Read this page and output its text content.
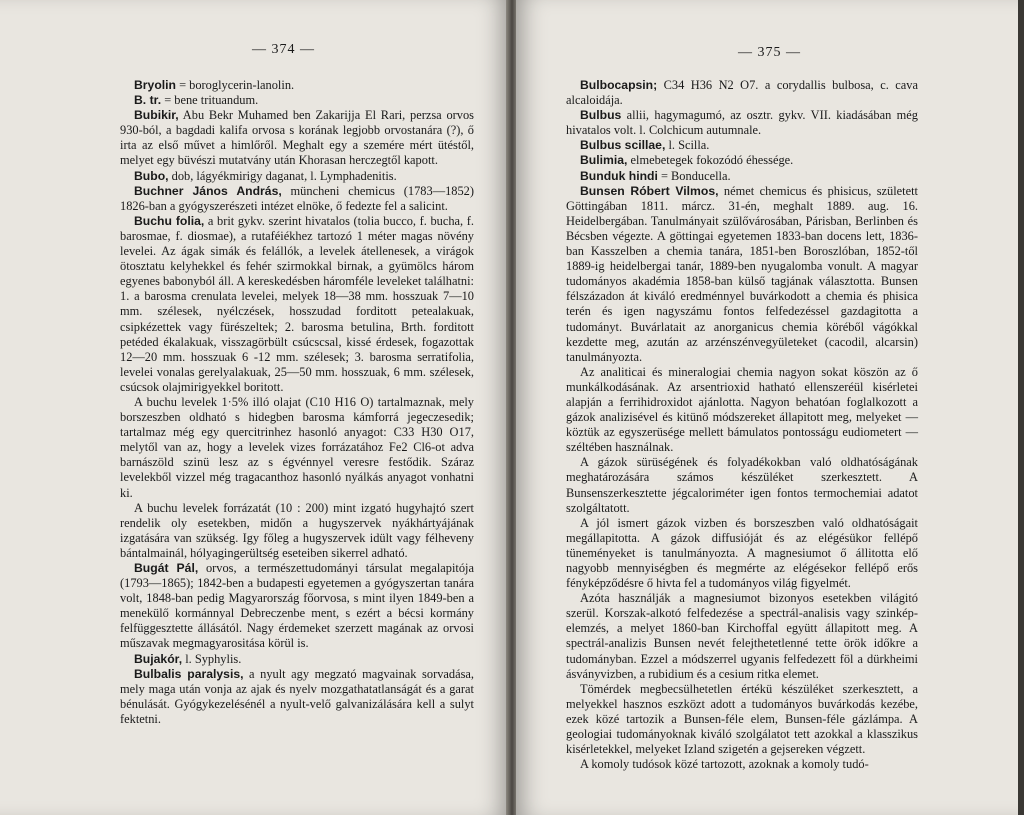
— 374 —

Bryolin = boroglycerin-lanolin.

B. tr. = bene trituandum.

Bubikir, Abu Bekr Muhamed ben Zakarijja El Rari, perzsa orvos 930-ból, a bagdadi kalifa orvosa s korának legjobb orvostanára (?), ő irta az első művet a himlőről. Meghalt egy a szemére mért ütéstől, melyet egy büvészi mutatvány után Khorasan herczegtől kapott.

Bubo, dob, lágyékmirigy daganat, l. Lymphadenitis.

Buchner János András, müncheni chemicus (1783—1852) 1826-ban a gyógyszerészeti intézet elnöke, ő fedezte fel a salicint.

Buchu folia, a brit gykv. szerint hivatalos (tolia bucco, f. bucha, f. barosmae, f. diosmae), a rutaféiékhez tartozó 1 méter magas növény levelei. Az ágak simák és felállók, a levelek átellenesek, a virágok ötosztatu kelyhekkel és fehér szirmokkal birnak, a gyümölcs három egyenes babonyból áll. A kereskedésben háromféle leveleket találhatni: 1. a barosma crenulata levelei, melyek 18—38 mm. hosszuak 7—10 mm. szélesek, nyélczések, hosszudad forditott petealakuak, csipkézettek vagy fürészeltek; 2. barosma betulina, Brth. forditott petéded ékalakuak, visszagörbült csúcscsal, kissé érdesek, fogazottak 12—20 mm. hosszuak 6 -12 mm. szélesek; 3. barosma serratifolia, levelei vonalas gerelyalakuak, 25—50 mm. hosszuak, 6 mm. szélesek, csúcsok olajmirigyekkel boritott.

A buchu levelek 1·5% illó olajat (C10 H16 O) tartalmaznak, mely borszeszben oldható s hidegben barosma kámforrá jegeczesedik; tartalmaz még egy quercitrinhez hasonló anyagot: C33 H30 O17, melytől van az, hogy a levelek vizes forrázatához Fe2 Cl6-ot adva barnászöld szinü lesz az s égvénnyel veresre festődik. Száraz levelekből vizzel még tragacanthoz hasonló nyálkás anyagot vonhatni ki.

A buchu levelek forrázatát (10 : 200) mint izgató hugyhajtó szert rendelik oly esetekben, midőn a hugyszervek nyákhártyájának izgatására van szükség. Igy főleg a hugyszervek idült vagy félheveny bántalmainál, hólyagingerültség eseteiben sikerrel adható.

Bugát Pál, orvos, a természettudományi társulat megalapitója (1793—1865); 1842-ben a budapesti egyetemen a gyógyszertan tanára volt, 1848-ban pedig Magyarország főorvosa, s mint ilyen 1849-ben a menekülő kormánnyal Debreczenbe ment, s ezért a bécsi kormány felfüggesztette állásától. Nagy érdemeket szerzett magának az orvosi műszavak megmagyarositása körül is.

Bujakór, l. Syphylis.

Bulbalis paralysis, a nyult agy megzató magvainak sorvadása, mely maga után vonja az ajak és nyelv mozgathatatlanságát és a garat bénulását. Gyógykezelésénél a nyult-velő galvanizálására kell a sulyt fektetni.

— 375 —

Bulbocapsin; C34 H36 N2 O7. a corydallis bulbosa, c. cava alcaloidája.

Bulbus allii, hagymagumó, az osztr. gykv. VII. kiadásában még hivatalos volt. l. Colchicum autumnale.

Bulbus scillae, l. Scilla.

Bulimia, elmebetegek fokozódó éhessége.

Bunduk hindi = Bonducella.

Bunsen Róbert Vilmos, német chemicus és phisicus, született Göttingában 1811. márcz. 31-én, meghalt 1889. aug. 16. Heidelbergában. Tanulmányait szülővárosában, Párisban, Berlinben és Bécsben végezte. A göttingai egyetemen 1833-ban docens lett, 1836-ban Kasszelben a chemia tanára, 1851-ben Boroszlóban, 1852-től 1889-ig heidelbergai tanár, 1889-ben nyugalomba vonult. A magyar tudományos akadémia 1858-ban külső tagjának választotta. Bunsen félszázadon át kiváló eredménnyel buvárkodott a chemia és phisica terén és igen nagyszámu fontos felfedezéssel gazdagitotta a tudományt. Buvárlatait az anorganicus chemia köréből vágókkal kezdette meg, azután az arzénszénvegyületeket (cacodil, alcarsin) tanulmányozta.

Az analiticai és mineralogiai chemia nagyon sokat köszön az ő munkálkodásának. Az arsentrioxid hatható ellenszeréül kisérletei alapján a ferrihidroxidot ajánlotta. Nagyon behatóan foglalkozott a gázok analizisével és kitünő módszereket állapitott meg, melyeket — köztük az egyszerüsége mellett bámulatos pontosságu eudiometert — széltében használnak.

A gázok sürüségének és folyadékokban való oldhatóságának meghatározására számos készüléket szerkesztett. A Bunsenszerkesztette jégcaloriméter igen fontos termochemiai adatot szolgáltatott.

A jól ismert gázok vizben és borszeszben való oldhatóságait megállapitotta. A gázok diffusióját és az elégésükor fellépő tüneményeket is tanulmányozta. A magnesiumot ő állitotta elő nagyobb mennyiségben és megmérte az elégésekor fellépő erős fényképződésre ő hivta fel a tudományos világ figyelmét.

Azóta használják a magnesiumot bizonyos esetekben világitó szerül. Korszak-alkotó felfedezése a spectrál-analisis vagy szinkép-elemzés, a melyet 1860-ban Kirchoffal együtt állapitott meg. A spectrál-analizis Bunsen nevét felejthetetlenné tette örök időkre a tudományban. Ezzel a módszerrel ugyanis felfedezett föl a dürkheimi ásványvizben, a rubidium és a cesium ritka elemet.

Tömérdek megbecsülhetetlen értékü készüléket szerkesztett, a melyekkel hasznos eszközt adott a tudományos buvárkodás kezébe, ezek közé tartozik a Bunsen-féle elem, Bunsen-féle gázlámpa. A geologiai tudományoknak kiváló szolgálatot tett azokkal a klasszikus kisérletekkel, melyeket Izland szigetén a gejsereken végzett.

A komoly tudósok közé tartozott, azoknak a komoly tudó-
